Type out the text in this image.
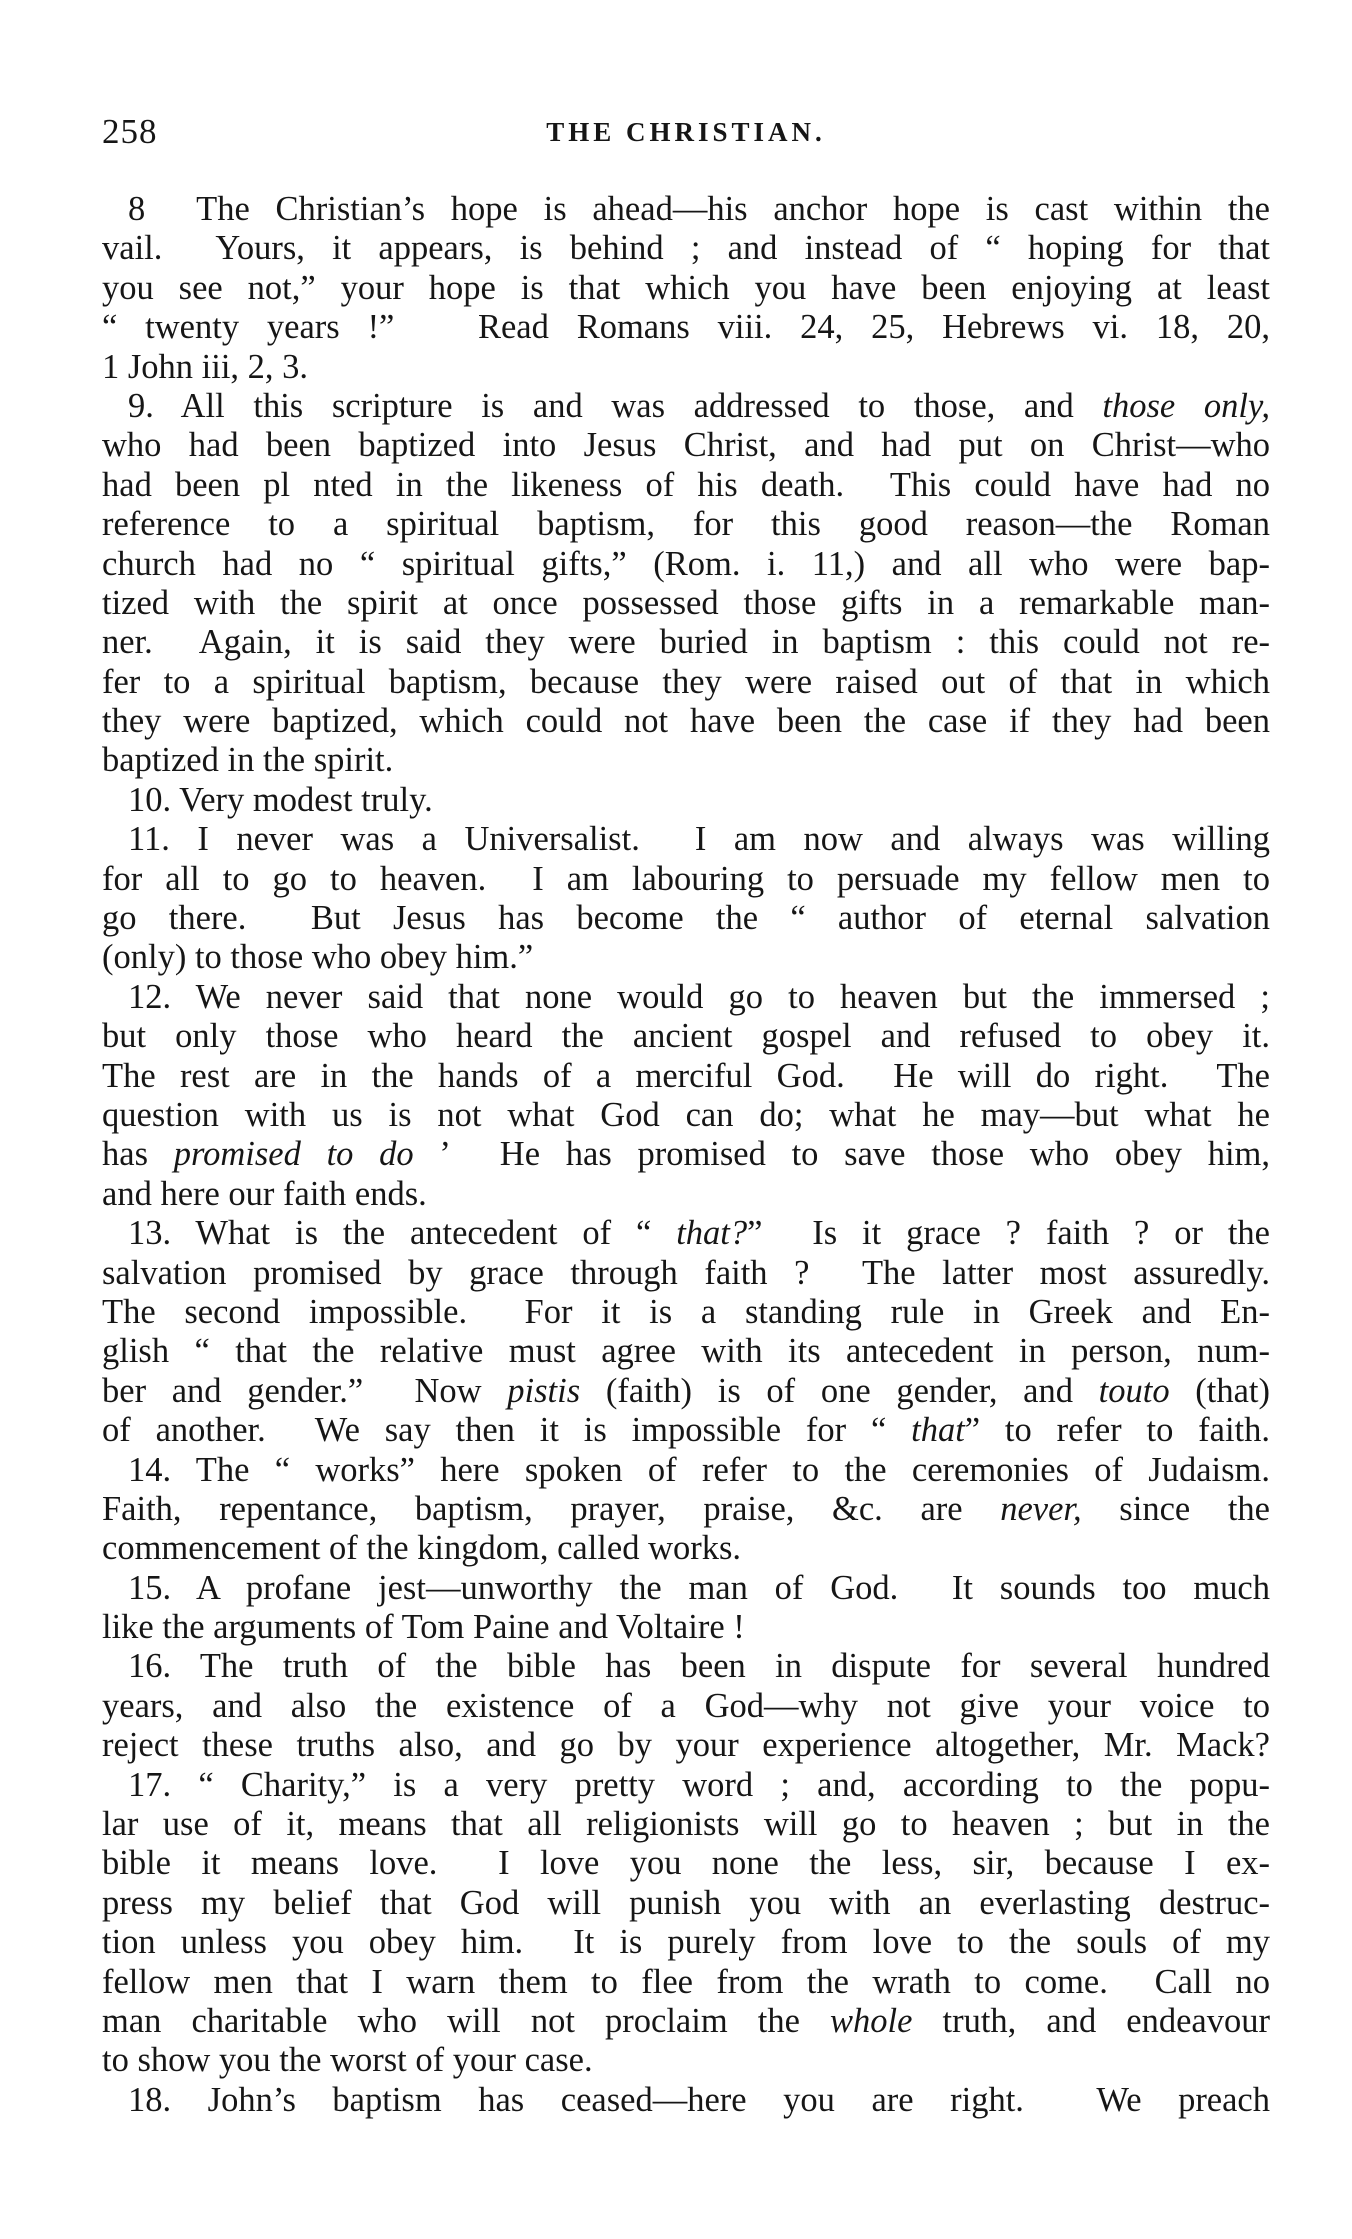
258	THE CHRISTIAN.
8  The Christian’s hope is ahead—his anchor hope is cast within the
vail.  Yours, it appears, is behind ; and instead of “ hoping for that
you see not,” your hope is that which you have been enjoying at least
“ twenty years !”   Read Romans viii. 24, 25, Hebrews vi. 18, 20,
1 John iii, 2, 3.
9. All this scripture is and was addressed to those, and those only,
who had been baptized into Jesus Christ, and had put on Christ—who
had been pl nted in the likeness of his death.  This could have had no
reference to a spiritual baptism, for this good reason—the Roman
church had no “ spiritual gifts,” (Rom. i. 11,) and all who were bap-
tized with the spirit at once possessed those gifts in a remarkable man-
ner.  Again, it is said they were buried in baptism : this could not re-
fer to a spiritual baptism, because they were raised out of that in which
they were baptized, which could not have been the case if they had been
baptized in the spirit.
10. Very modest truly.
11. I never was a Universalist.  I am now and always was willing
for all to go to heaven.  I am labouring to persuade my fellow men to
go there.  But Jesus has become the “ author of eternal salvation
(only) to those who obey him.”
12. We never said that none would go to heaven but the immersed ;
but only those who heard the ancient gospel and refused to obey it.
The rest are in the hands of a merciful God.  He will do right.  The
question with us is not what God can do; what he may—but what he
has promised to do ’  He has promised to save those who obey him,
and here our faith ends.
13. What is the antecedent of “ that?”  Is it grace ? faith ? or the
salvation promised by grace through faith ?  The latter most assuredly.
The second impossible.  For it is a standing rule in Greek and En-
glish “ that the relative must agree with its antecedent in person, num-
ber and gender.”  Now pistis (faith) is of one gender, and touto (that)
of another.  We say then it is impossible for “ that” to refer to faith.
14. The “ works” here spoken of refer to the ceremonies of Judaism.
Faith, repentance, baptism, prayer, praise, &c. are never, since the
commencement of the kingdom, called works.
15. A profane jest—unworthy the man of God.  It sounds too much
like the arguments of Tom Paine and Voltaire !
16. The truth of the bible has been in dispute for several hundred
years, and also the existence of a God—why not give your voice to
reject these truths also, and go by your experience altogether, Mr. Mack?
17. “ Charity,” is a very pretty word ; and, according to the popu-
lar use of it, means that all religionists will go to heaven ; but in the
bible it means love.  I love you none the less, sir, because I ex-
press my belief that God will punish you with an everlasting destruc-
tion unless you obey him.  It is purely from love to the souls of my
fellow men that I warn them to flee from the wrath to come.  Call no
man charitable who will not proclaim the whole truth, and endeavour
to show you the worst of your case.
18. John’s baptism has ceased—here you are right.  We preach
